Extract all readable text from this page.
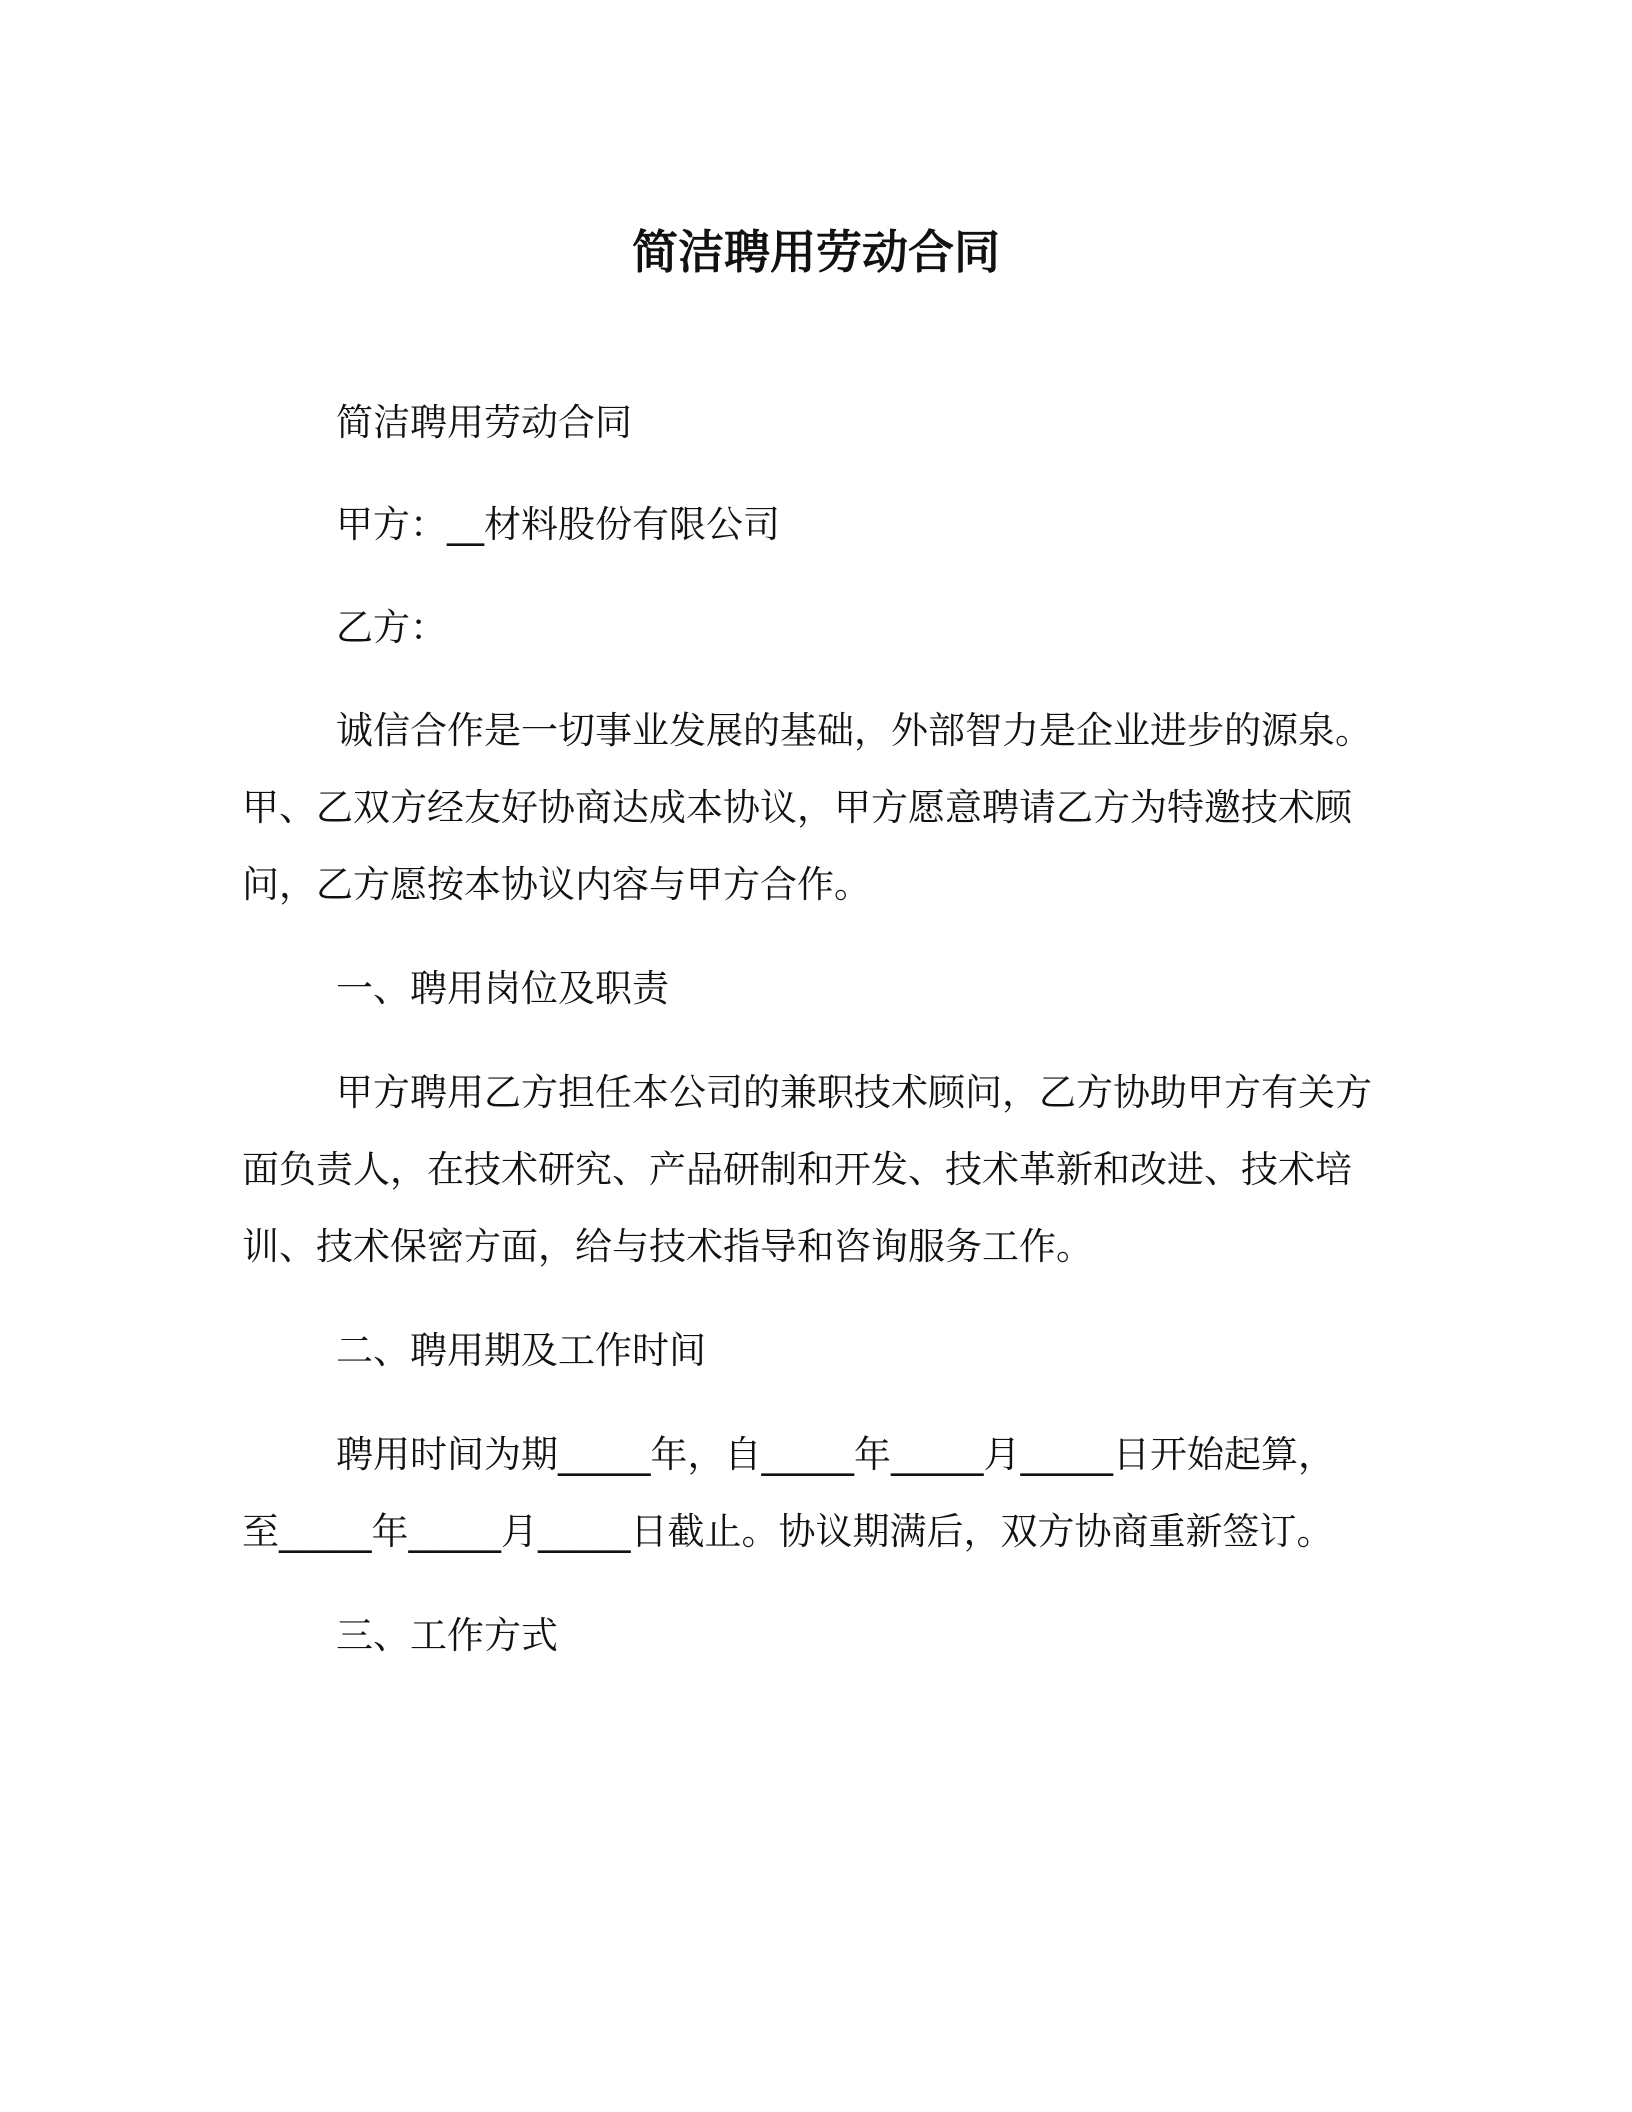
简洁聘用劳动合同
简洁聘用劳动合同
甲方：__材料股份有限公司
乙方：
诚信合作是一切事业发展的基础，外部智力是企业进步的源泉。
甲、乙双方经友好协商达成本协议，甲方愿意聘请乙方为特邀技术顾
问，乙方愿按本协议内容与甲方合作。
一、聘用岗位及职责
甲方聘用乙方担任本公司的兼职技术顾问，乙方协助甲方有关方
面负责人，在技术研究、产品研制和开发、技术革新和改进、技术培
训、技术保密方面，给与技术指导和咨询服务工作。
二、聘用期及工作时间
聘用时间为期_____年，自_____年_____月_____日开始起算，
至_____年_____月_____日截止。协议期满后，双方协商重新签订。
三、工作方式
